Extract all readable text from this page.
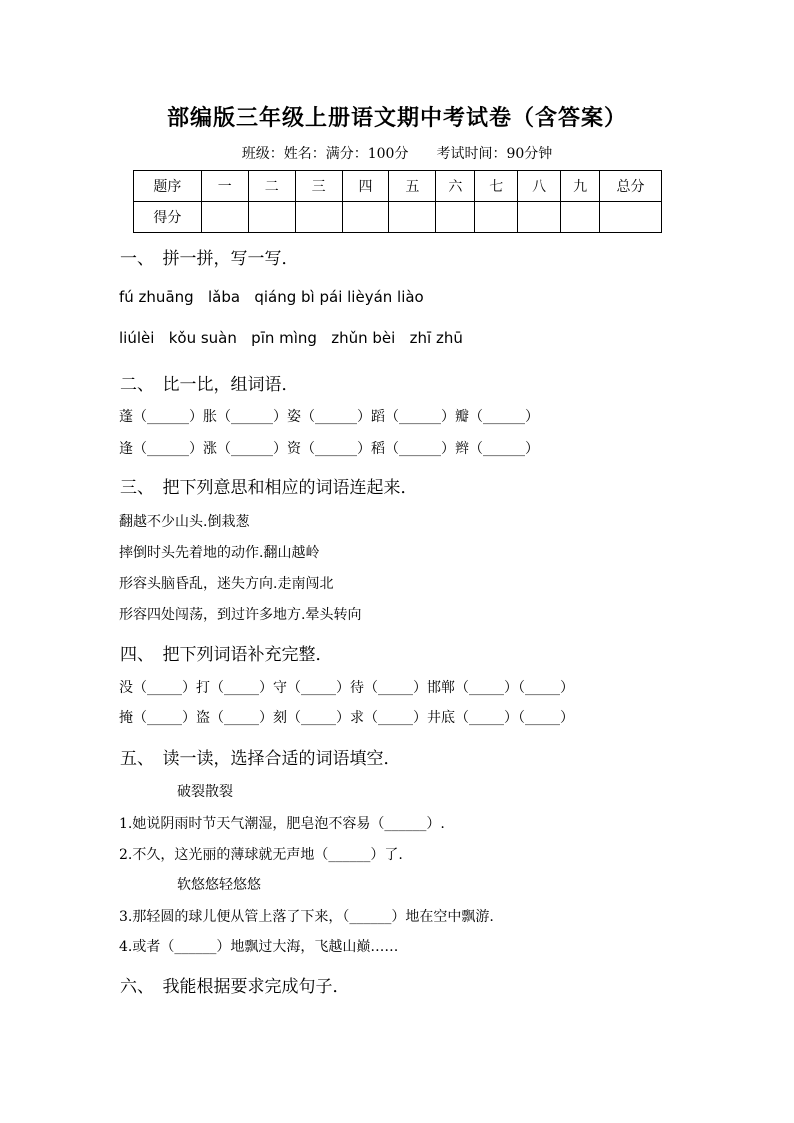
部编版三年级上册语文期中考试卷（含答案）
班级：姓名：满分：100分　　考试时间：90分钟
题序	一	二	三	四	五	六	七	八	九	总分
得分										
一、　拼一拼，写一写．
fú zhuāng   lǎba   qiáng bì pái lièyán liào
liúlèi   kǒu suàn   pīn mìng   zhǔn bèi   zhī zhū
二、　比一比，组词语．
蓬（______）胀（______）姿（______）蹈（______）瓣（______）
逢（______）涨（______）资（______）稻（______）辫（______）
三、　把下列意思和相应的词语连起来．
翻越不少山头.倒栽葱
摔倒时头先着地的动作.翻山越岭
形容头脑昏乱，迷失方向.走南闯北
形容四处闯荡，到过许多地方.晕头转向
四、　把下列词语补充完整．
没（_____）打（_____）守（_____）待（_____）邯郸（_____）（_____）
掩（_____）盗（_____）刻（_____）求（_____）井底（_____）（_____）
五、　读一读，选择合适的词语填空．
破裂散裂
1.她说阴雨时节天气潮湿，肥皂泡不容易（______）.
2.不久，这光丽的薄球就无声地（______）了.
软悠悠轻悠悠
3.那轻圆的球儿便从管上落了下来，（______）地在空中飘游.
4.或者（______）地飘过大海，飞越山巅……
六、　我能根据要求完成句子．
